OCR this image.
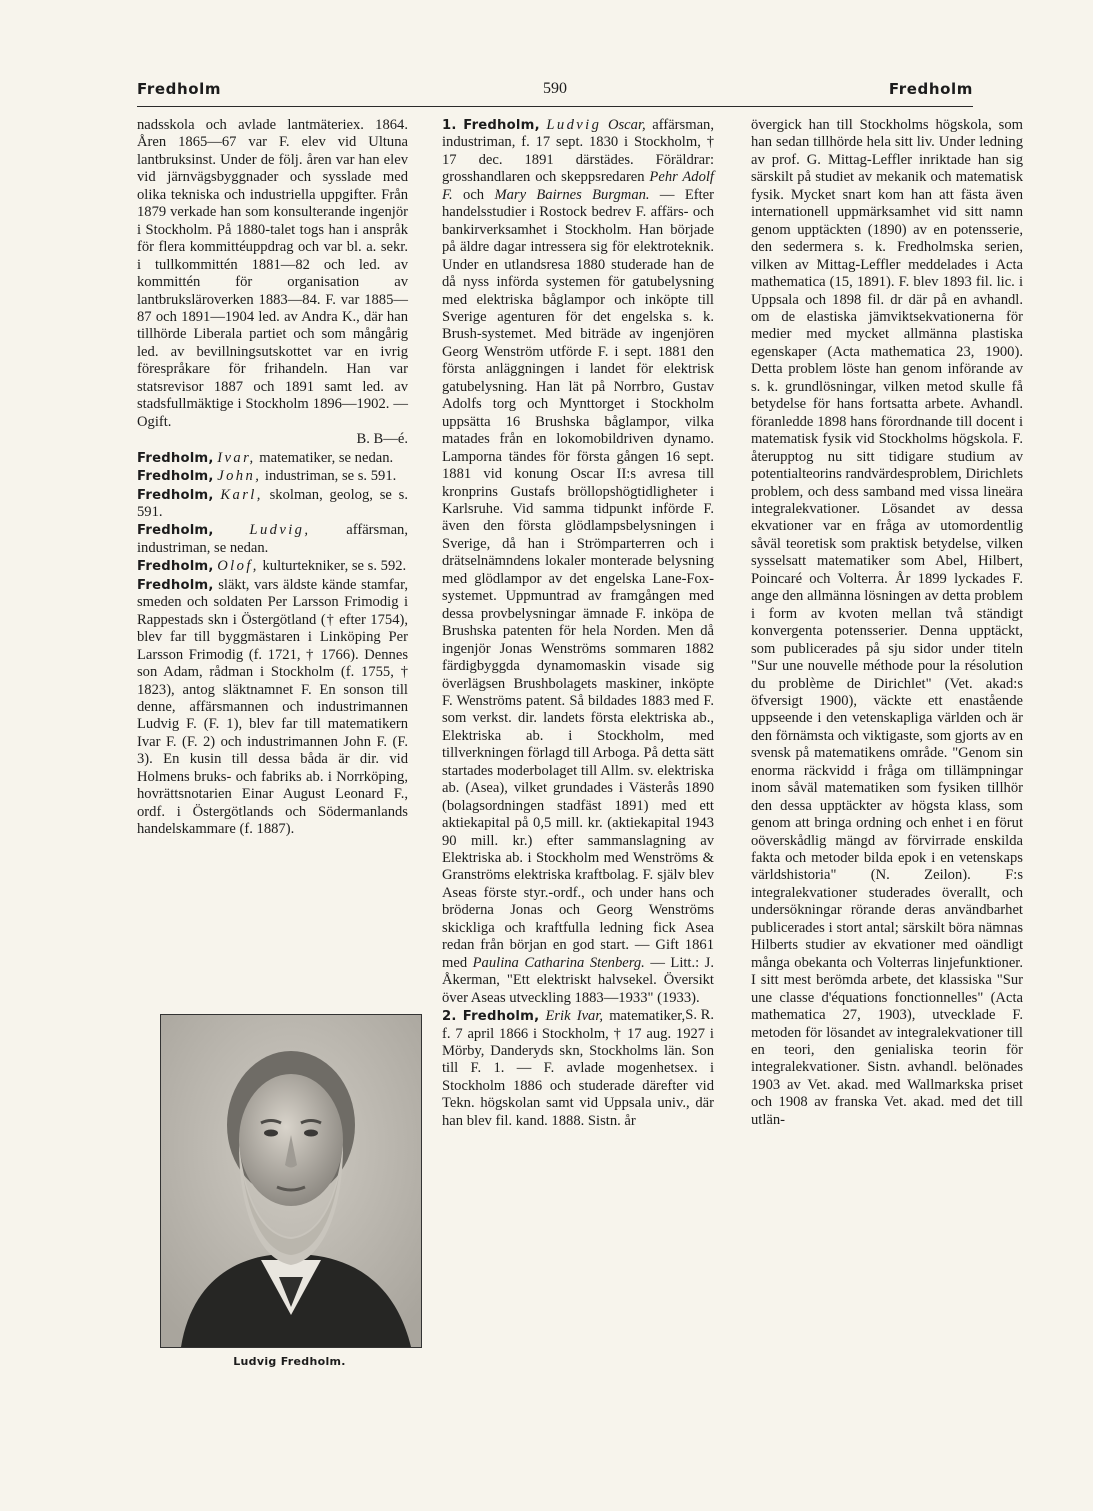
Fredholm	590	Fredholm

nadsskola och avlade lantmäteriex. 1864. Åren 1865—67 var F. elev vid Ultuna lantbruksinst. Under de följ. åren var han elev vid järnvägsbyggnader och sysslade med olika tekniska och industriella uppgifter. Från 1879 verkade han som konsulterande ingenjör i Stockholm. På 1880-talet togs han i anspråk för flera kommittéuppdrag och var bl. a. sekr. i tullkommittén 1881—82 och led. av kommittén för organisation av lantbruksläroverken 1883—84. F. var 1885—87 och 1891—1904 led. av Andra K., där han tillhörde Liberala partiet och som mångårig led. av bevillningsutskottet var en ivrig förespråkare för frihandeln. Han var statsrevisor 1887 och 1891 samt led. av stadsfullmäktige i Stockholm 1896—1902. — Ogift.

B. B—é.

Fredholm, Ivar, matematiker, se nedan.

Fredholm, John, industriman, se s. 591.

Fredholm, Karl, skolman, geolog, se s. 591.

Fredholm, Ludvig, affärsman, industriman, se nedan.

Fredholm, Olof, kulturtekniker, se s. 592.

Fredholm, släkt, vars äldste kände stamfar, smeden och soldaten Per Larsson Frimodig i Rappestads skn i Östergötland († efter 1754), blev far till byggmästaren i Linköping Per Larsson Frimodig (f. 1721, † 1766). Dennes son Adam, rådman i Stockholm (f. 1755, † 1823), antog släktnamnet F. En sonson till denne, affärsmannen och industrimannen Ludvig F. (F. 1), blev far till matematikern Ivar F. (F. 2) och industrimannen John F. (F. 3). En kusin till dessa båda är dir. vid Holmens bruks- och fabriks ab. i Norrköping, hovrättsnotarien Einar August Leonard F., ordf. i Östergötlands och Södermanlands handelskammare (f. 1887).

Ludvig Fredholm.

1. Fredholm, Ludvig Oscar, affärsman, industriman, f. 17 sept. 1830 i Stockholm, † 17 dec. 1891 därstädes. Föräldrar: grosshandlaren och skeppsredaren Pehr Adolf F. och Mary Bairnes Burgman. — Efter handelsstudier i Rostock bedrev F. affärs- och bankirverksamhet i Stockholm. Han började på äldre dagar intressera sig för elektroteknik. Under en utlandsresa 1880 studerade han de då nyss införda systemen för gatubelysning med elektriska båglampor och inköpte till Sverige agenturen för det engelska s. k. Brush-systemet. Med biträde av ingenjören Georg Wenström utförde F. i sept. 1881 den första anläggningen i landet för elektrisk gatubelysning. Han lät på Norrbro, Gustav Adolfs torg och Mynttorget i Stockholm uppsätta 16 Brushska båglampor, vilka matades från en lokomobildriven dynamo. Lamporna tändes för första gången 16 sept. 1881 vid konung Oscar II:s avresa till kronprins Gustafs bröllopshögtidligheter i Karlsruhe. Vid samma tidpunkt införde F. även den första glödlampsbelysningen i Sverige, då han i Strömparterren och i drätselnämndens lokaler monterade belysning med glödlampor av det engelska Lane-Fox-systemet. Uppmuntrad av framgången med dessa provbelysningar ämnade F. inköpa de Brushska patenten för hela Norden. Men då ingenjör Jonas Wenströms sommaren 1882 färdigbyggda dynamomaskin visade sig överlägsen Brushbolagets maskiner, inköpte F. Wenströms patent. Så bildades 1883 med F. som verkst. dir. landets första elektriska ab., Elektriska ab. i Stockholm, med tillverkningen förlagd till Arboga. På detta sätt startades moderbolaget till Allm. sv. elektriska ab. (Asea), vilket grundades i Västerås 1890 (bolagsordningen stadfäst 1891) med ett aktiekapital på 0,5 mill. kr. (aktiekapital 1943 90 mill. kr.) efter sammanslagning av Elektriska ab. i Stockholm med Wenströms & Granströms elektriska kraftbolag. F. själv blev Aseas förste styr.-ordf., och under hans och bröderna Jonas och Georg Wenströms skickliga och kraftfulla ledning fick Asea redan från början en god start. — Gift 1861 med Paulina Catharina Stenberg. — Litt.: J. Åkerman, "Ett elektriskt halvsekel. Översikt över Aseas utveckling 1883—1933" (1933).
S. R.

2. Fredholm, Erik Ivar, matematiker, f. 7 april 1866 i Stockholm, † 17 aug. 1927 i Mörby, Danderyds skn, Stockholms län. Son till F. 1. — F. avlade mogenhetsex. i Stockholm 1886 och studerade därefter vid Tekn. högskolan samt vid Uppsala univ., där han blev fil. kand. 1888. Sistn. år

övergick han till Stockholms högskola, som han sedan tillhörde hela sitt liv. Under ledning av prof. G. Mittag-Leffler inriktade han sig särskilt på studiet av mekanik och matematisk fysik. Mycket snart kom han att fästa även internationell uppmärksamhet vid sitt namn genom upptäckten (1890) av en potensserie, den sedermera s. k. Fredholmska serien, vilken av Mittag-Leffler meddelades i Acta mathematica (15, 1891). F. blev 1893 fil. lic. i Uppsala och 1898 fil. dr där på en avhandl. om de elastiska jämviktsekvationerna för medier med mycket allmänna plastiska egenskaper (Acta mathematica 23, 1900). Detta problem löste han genom införande av s. k. grundlösningar, vilken metod skulle få betydelse för hans fortsatta arbete. Avhandl. föranledde 1898 hans förordnande till docent i matematisk fysik vid Stockholms högskola. F. återupptog nu sitt tidigare studium av potentialteorins randvärdesproblem, Dirichlets problem, och dess samband med vissa lineära integralekvationer. Lösandet av dessa ekvationer var en fråga av utomordentlig såväl teoretisk som praktisk betydelse, vilken sysselsatt matematiker som Abel, Hilbert, Poincaré och Volterra. År 1899 lyckades F. ange den allmänna lösningen av detta problem i form av kvoten mellan två ständigt konvergenta potensserier. Denna upptäckt, som publicerades på sju sidor under titeln "Sur une nouvelle méthode pour la résolution du problème de Dirichlet" (Vet. akad:s öfversigt 1900), väckte ett enastående uppseende i den vetenskapliga världen och är den förnämsta och viktigaste, som gjorts av en svensk på matematikens område. "Genom sin enorma räckvidd i fråga om tillämpningar inom såväl matematiken som fysiken tillhör den dessa upptäckter av högsta klass, som genom att bringa ordning och enhet i en förut oöverskådlig mängd av förvirrade enskilda fakta och metoder bilda epok i en vetenskaps världshistoria" (N. Zeilon). F:s integralekvationer studerades överallt, och undersökningar rörande deras användbarhet publicerades i stort antal; särskilt böra nämnas Hilberts studier av ekvationer med oändligt många obekanta och Volterras linjefunktioner. I sitt mest berömda arbete, det klassiska "Sur une classe d'équations fonctionnelles" (Acta mathematica 27, 1903), utvecklade F. metoden för lösandet av integralekvationer till en teori, den genialiska teorin för integralekvationer. Sistn. avhandl. belönades 1903 av Vet. akad. med Wallmarkska priset och 1908 av franska Vet. akad. med det till utlän-
